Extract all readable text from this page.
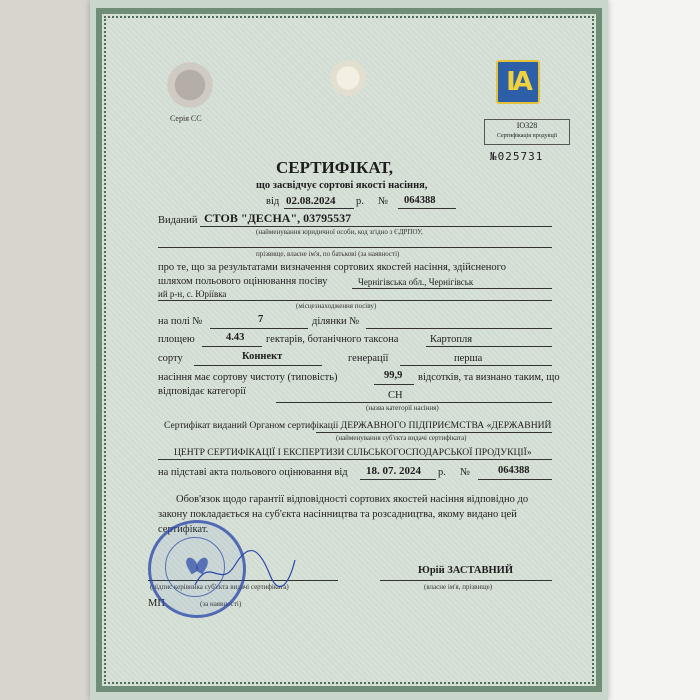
Серія СС
IA
IO328
Сертифікація продукції
№025731
СЕРТИФІКАТ,
що засвідчує сортові якості насіння,
від 02.08.2024 р. № 064388
Виданий СТОВ "ДЕСНА", 03795537
(найменування юридичної особи, код згідно з ЄДРПОУ,
прізвище, власне ім'я, по батькові (за наявності)
про те, що за результатами визначення сортових якостей насіння, здійсненого
шляхом польового оцінювання посіву	Чернігівська обл., Чернігівськ
ий р-н, с. Юріївка
(місцезнаходження посіву)
на полі №	7	ділянки №
площею	4.43 гектарів, ботанічного таксона	Картопля
сорту	Коннект	генерації	перша
насіння має сортову чистоту (типовість)	99,9 відсотків, та визнано таким, що
відповідає категорії	СН
(назва категорії насіння)
Сертифікат виданий Органом сертифікації ДЕРЖАВНОГО ПІДПРИЄМСТВА «ДЕРЖАВНИЙ
(найменування суб'єкта видачі сертифіката)
ЦЕНТР СЕРТИФІКАЦІЇ І ЕКСПЕРТИЗИ СІЛЬСЬКОГОСПОДАРСЬКОЇ ПРОДУКЦІЇ»
на підставі акта польового оцінювання від 18. 07. 2024 р. №	064388
Обов'язок щодо гарантії відповідності сортових якостей насіння відповідно до
закону покладається на суб'єкта насінництва та розсадництва, якому видано цей
сертифікат.
Юрій ЗАСТАВНИЙ
(підпис керівника суб'єкта видачі сертифіката)	(власне ім'я, прізвище)
МП	(за наявності)
